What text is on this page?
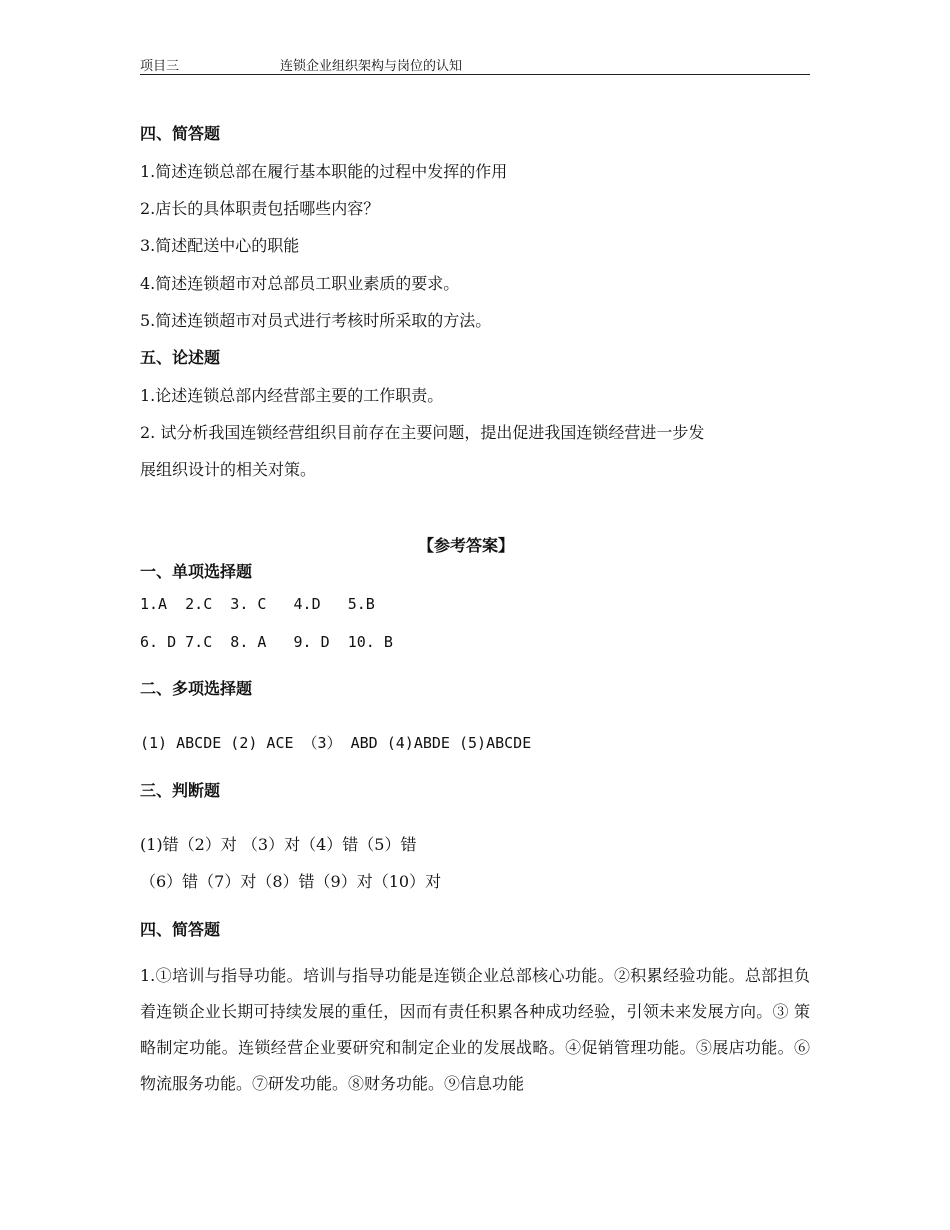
项目三	连锁企业组织架构与岗位的认知
四、简答题
1.简述连锁总部在履行基本职能的过程中发挥的作用
2.店长的具体职责包括哪些内容？
3.简述配送中心的职能
4.简述连锁超市对总部员工职业素质的要求。
5.简述连锁超市对员式进行考核时所采取的方法。
五、论述题
1.论述连锁总部内经营部主要的工作职责。
2. 试分析我国连锁经营组织目前存在主要问题，提出促进我国连锁经营进一步发
展组织设计的相关对策。
【参考答案】
一、单项选择题
1.A  2.C  3. C   4.D   5.B
6. D 7.C  8. A   9. D  10. B
二、多项选择题
(1) ABCDE (2) ACE （3） ABD (4)ABDE (5)ABCDE
三、判断题
(1)错（2）对 （3）对（4）错（5）错
（6）错（7）对（8）错（9）对（10）对
四、简答题
1.①培训与指导功能。培训与指导功能是连锁企业总部核心功能。②积累经验功能。总部担负着连锁企业长期可持续发展的重任，因而有责任积累各种成功经验，引领未来发展方向。③ 策略制定功能。连锁经营企业要研究和制定企业的发展战略。④促销管理功能。⑤展店功能。⑥物流服务功能。⑦研发功能。⑧财务功能。⑨信息功能
